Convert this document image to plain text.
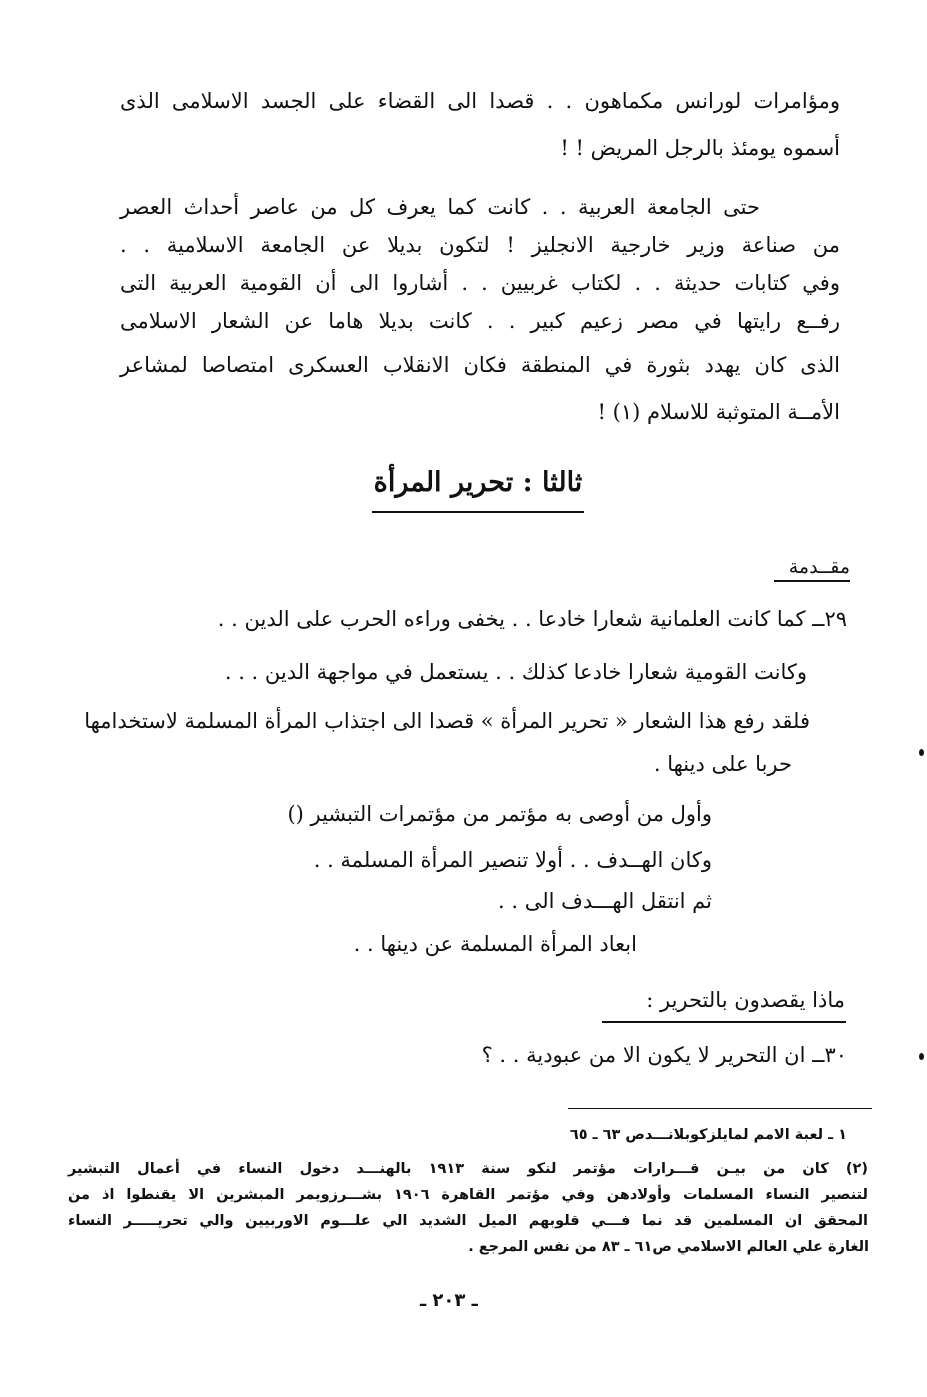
ومؤامرات لورانس مكماهون . . قصدا الى القضاء على الجسد الاسلامى الذى
أسموه يومئذ بالرجل المريض ! !
حتى الجامعة العربية . . كانت كما يعرف كل من عاصر أحداث العصر
من صناعة وزير خارجية الانجليز ! لتكون بديلا عن الجامعة الاسلامية . .
وفي كتابات حديثة . . لكتاب غربيين . . أشاروا الى أن القومية العربية التى
رفــع رايتها في مصر زعيم كبير . . كانت بديلا هاما عن الشعار الاسلامى
الذى كان يهدد بثورة في المنطقة فكان الانقلاب العسكرى امتصاصا لمشاعر
الأمــة المتوثبة للاسلام (١) !
ثالثا : تحرير المرأة
مقــدمة
٢٩ــ كما كانت العلمانية شعارا خادعا . . يخفى وراءه الحرب على الدين . .
وكانت القومية شعارا خادعا كذلك . . يستعمل في مواجهة الدين . . .
فلقد رفع هذا الشعار « تحرير المرأة » قصدا الى اجتذاب المرأة المسلمة لاستخدامها
حربا على دينها .
وأول من أوصى به مؤتمر من مؤتمرات التبشير ()
وكان الهــدف . . أولا تنصير المرأة المسلمة . .
ثم انتقل الهـــدف الى . .
ابعاد المرأة المسلمة عن دينها . .
ماذا يقصدون بالتحرير :
٣٠ــ ان التحرير لا يكون الا من عبودية . . ؟
١ ـ لعبة الامم لمايلزكوبلانـــدص ٦٣ ـ ٦٥
(٢) كان من بيـن قـــرارات مؤتمر لنكو سنة ١٩١٣ بالهنـــد دخول النساء في أعمال التبشير
لتنصير النساء المسلمات وأولادهن وفي مؤتمر القاهرة ١٩٠٦ بشـــرزويمر المبشرين الا يقنطوا اذ من
المحقق ان المسلمين قد نما فـــي قلوبهم الميل الشديد الي علـــوم الاوربيين والي تحريـــــر النساء
الغارة علي العالم الاسلامي ص٦١ ـ ٨٣ من نفس المرجع .
ـ ٢٠٣ ـ
